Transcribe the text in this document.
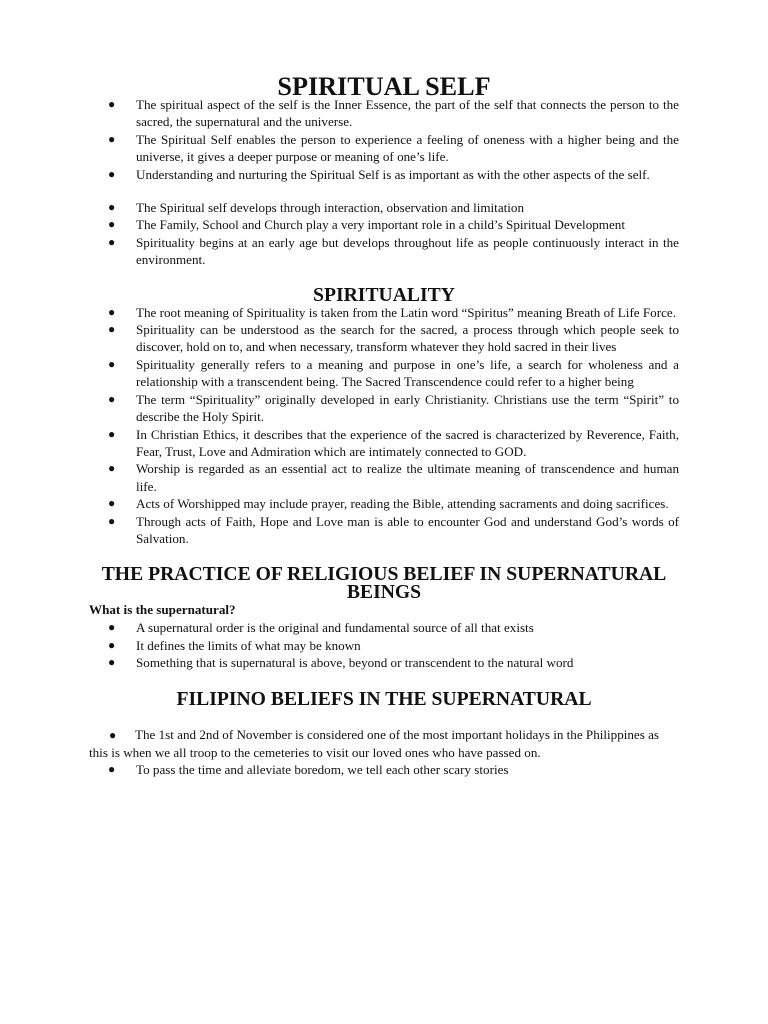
SPIRITUAL SELF
● The spiritual aspect of the self is the Inner Essence, the part of the self that connects the person to the sacred, the supernatural and the universe.
● The Spiritual Self enables the person to experience a feeling of oneness with a higher being and the universe, it gives a deeper purpose or meaning of one’s life.
● Understanding and nurturing the Spiritual Self is as important as with the other aspects of the self.
● The Spiritual self develops through interaction, observation and limitation
● The Family, School and Church play a very important role in a child’s Spiritual Development
● Spirituality begins at an early age but develops throughout life as people continuously interact in the environment.
SPIRITUALITY
● The root meaning of Spirituality is taken from the Latin word “Spiritus” meaning Breath of Life Force.
● Spirituality can be understood as the search for the sacred, a process through which people seek to discover, hold on to, and when necessary, transform whatever they hold sacred in their lives
● Spirituality generally refers to a meaning and purpose in one’s life, a search for wholeness and a relationship with a transcendent being. The Sacred Transcendence could refer to a higher being
● The term “Spirituality” originally developed in early Christianity. Christians use the term “Spirit” to describe the Holy Spirit.
● In Christian Ethics, it describes that the experience of the sacred is characterized by Reverence, Faith, Fear, Trust, Love and Admiration which are intimately connected to GOD.
● Worship is regarded as an essential act to realize the ultimate meaning of transcendence and human life.
● Acts of Worshipped may include prayer, reading the Bible, attending sacraments and doing sacrifices.
● Through acts of Faith, Hope and Love man is able to encounter God and understand God’s words of Salvation.
THE PRACTICE OF RELIGIOUS BELIEF IN SUPERNATURAL BEINGS

What is the supernatural?

● A supernatural order is the original and fundamental source of all that exists
● It defines the limits of what may be known
● Something that is supernatural is above, beyond or transcendent to the natural word
FILIPINO BELIEFS IN THE SUPERNATURAL

● The 1st and 2nd of November is considered one of the most important holidays in the Philippines as this is when we all troop to the cemeteries to visit our loved ones who have passed on.

● To pass the time and alleviate boredom, we tell each other scary stories
